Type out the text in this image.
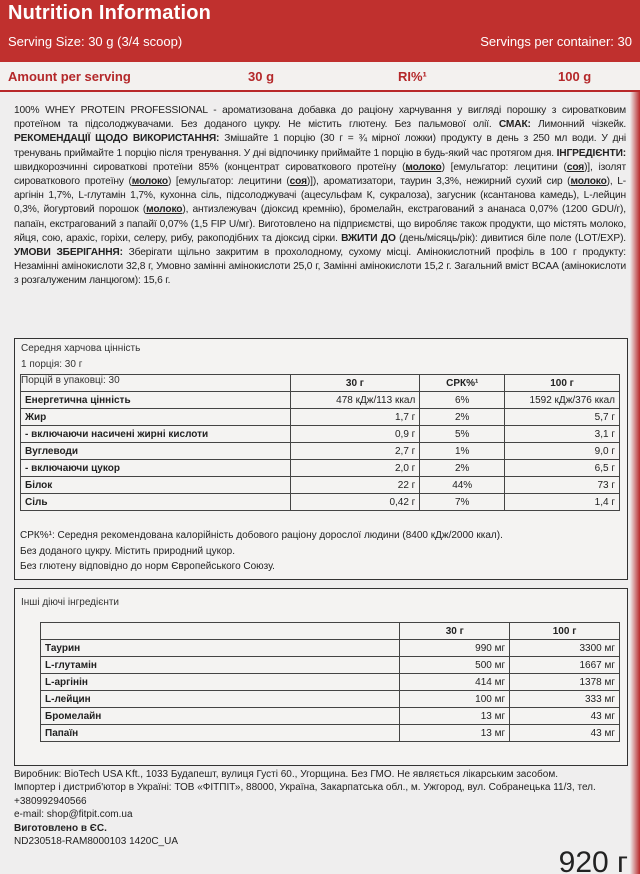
Nutrition Information
Serving Size: 30 g (3/4 scoop)	Servings per container: 30
Amount per serving	30 g	RI%¹	100 g
100% WHEY PROTEIN PROFESSIONAL - ароматизована добавка до раціону харчування у вигляді порошку з сироватковим протеїном та підсолоджувачами. Без доданого цукру. Не містить глютену. Без пальмової олії. СМАК: Лимонний чізкейк. РЕКОМЕНДАЦІЇ ЩОДО ВИКОРИСТАННЯ: Змішайте 1 порцію (30 г = ¾ мірної ложки) продукту в день з 250 мл води. У дні тренувань приймайте 1 порцію після тренування. У дні відпочинку приймайте 1 порцію в будь-який час протягом дня. ІНГРЕДІЄНТИ: швидкорозчинні сироваткові протеїни 85% (концентрат сироваткового протеїну (молоко) [емульгатор: лецитини (соя)], ізолят сироваткового протеїну (молоко) [емульгатор: лецитини (соя)]), ароматизатори, таурин 3,3%, нежирний сухий сир (молоко), L-аргінін 1,7%, L-глутамін 1,7%, кухонна сіль, підсолоджувачі (ацесульфам К, сукралоза), загусник (ксантанова камедь), L-лейцин 0,3%, йогуртовий порошок (молоко), антизлежувач (діоксид кремнію), бромелайн, екстрагований з ананаса 0,07% (1200 GDU/г), папаїн, екстрагований з папайї 0,07% (1,5 FIP U/мг). Виготовлено на підприємстві, що виробляє також продукти, що містять молоко, яйця, сою, арахіс, горіхи, селеру, рибу, ракоподібних та діоксид сірки. ВЖИТИ ДО (день/місяць/рік): дивитися біле поле (LOT/EXP). УМОВИ ЗБЕРІГАННЯ: Зберігати щільно закритим в прохолодному, сухому місці. Амінокислотний профіль в 100 г продукту: Незамінні амінокислоти 32,8 г, Умовно замінні амінокислоти 25,0 г, Замінні амінокислоти 15,2 г. Загальний вміст BCAA (амінокислоти з розгалуженим ланцюгом): 15,6 г.
Середня харчова цінність
1 порція: 30 г
Порцій в упаковці: 30
		30 г	СРК%¹	100 г
Енергетична цінність	478 кДж/113 ккал	6%	1592 кДж/376 ккал
Жир	1,7 г	2%	5,7 г
- включаючи насичені жирні кислоти	0,9 г	5%	3,1 г
Вуглеводи	2,7 г	1%	9,0 г
- включаючи цукор	2,0 г	2%	6,5 г
Білок	22 г	44%	73 г
Сіль	0,42 г	7%	1,4 г
СРК%¹: Середня рекомендована калорійність добового раціону дорослої людини (8400 кДж/2000 ккал).
Без доданого цукру. Містить природний цукор.
Без глютену відповідно до норм Європейського Союзу.
Інші діючі інгредієнти
	30 г	100 г
Таурин	990 мг	3300 мг
L-глутамін	500 мг	1667 мг
L-аргінін	414 мг	1378 мг
L-лейцин	100 мг	333 мг
Бромелайн	13 мг	43 мг
Папаїн	13 мг	43 мг
Виробник: BioTech USA Kft., 1033 Будапешт, вулиця Густі 60., Угорщина. Без ГМО. Не являється лікарським засобом.
Імпортер і дистриб'ютор в Україні: ТОВ «ФІТПІТ», 88000, Україна, Закарпатська обл., м. Ужгород, вул. Собранецька 11/3, тел. +380992940566
e-mail: shop@fitpit.com.ua
Виготовлено в ЄС.
ND230518-RAM8000103 1420C_UA
920 г
